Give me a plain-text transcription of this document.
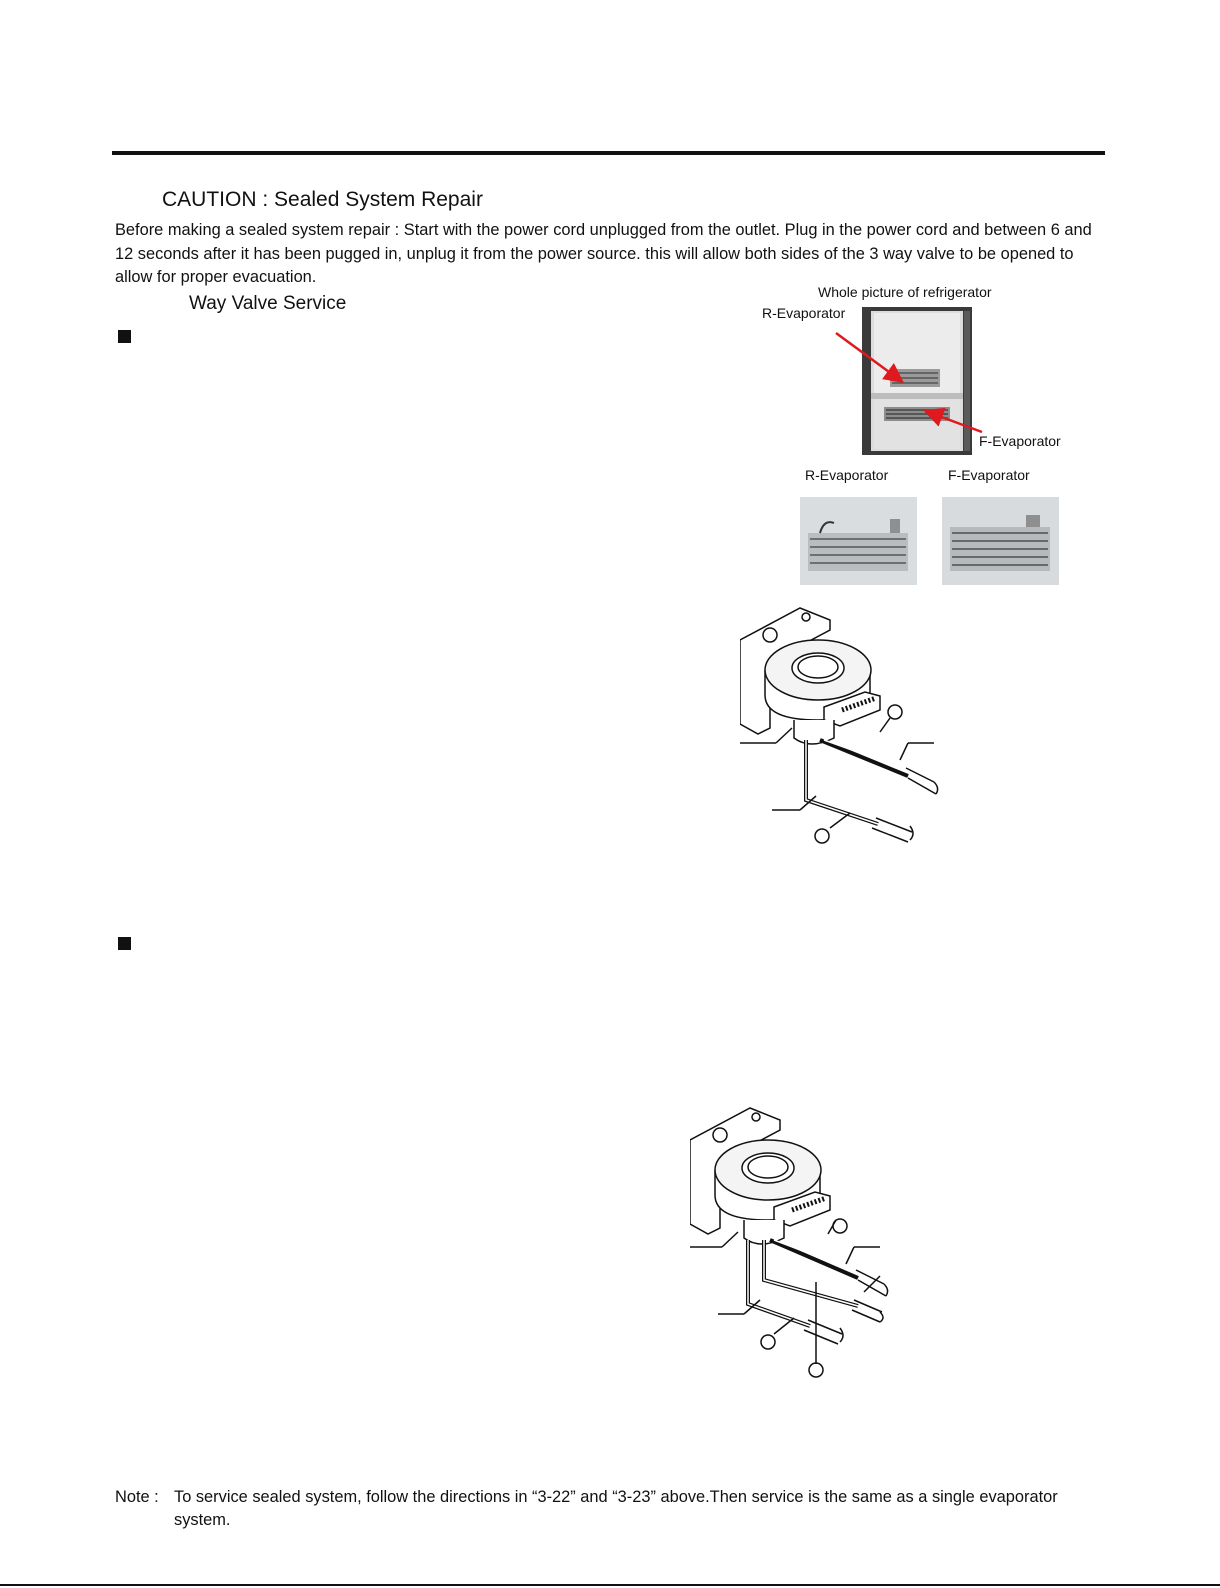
CAUTION : Sealed System Repair

Before making a sealed system repair : Start with the power cord unplugged from the outlet. Plug in the power cord and between 6 and 12 seconds after it has been pugged in, unplug it from the power source. this will allow both sides of the 3 way valve to be opened to allow for proper evacuation.

Way Valve Service
Whole picture of refrigerator
R-Evaporator
F-Evaporator
R-Evaporator	F-Evaporator
Note : To service sealed system, follow the directions in “3-22” and “3-23” above.Then service is the same as a single evaporator system.
